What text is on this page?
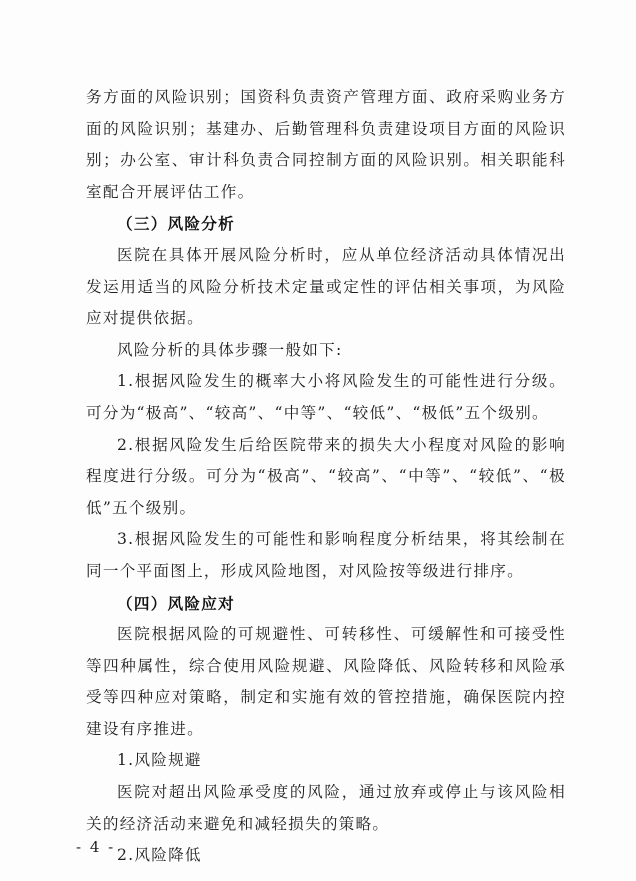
务方面的风险识别；国资科负责资产管理方面、政府采购业务方面的风险识别；基建办、后勤管理科负责建设项目方面的风险识别；办公室、审计科负责合同控制方面的风险识别。相关职能科室配合开展评估工作。

（三）风险分析

医院在具体开展风险分析时，应从单位经济活动具体情况出发运用适当的风险分析技术定量或定性的评估相关事项，为风险应对提供依据。

风险分析的具体步骤一般如下:

1.根据风险发生的概率大小将风险发生的可能性进行分级。可分为“极高”、“较高”、“中等”、“较低”、“极低”五个级别。

2.根据风险发生后给医院带来的损失大小程度对风险的影响程度进行分级。可分为“极高”、“较高”、“中等”、“较低”、“极低”五个级别。

3.根据风险发生的可能性和影响程度分析结果，将其绘制在同一个平面图上，形成风险地图，对风险按等级进行排序。

（四）风险应对

医院根据风险的可规避性、可转移性、可缓解性和可接受性等四种属性，综合使用风险规避、风险降低、风险转移和风险承受等四种应对策略，制定和实施有效的管控措施，确保医院内控建设有序推进。

1.风险规避

医院对超出风险承受度的风险，通过放弃或停止与该风险相关的经济活动来避免和减轻损失的策略。

2.风险降低

- 4 -
